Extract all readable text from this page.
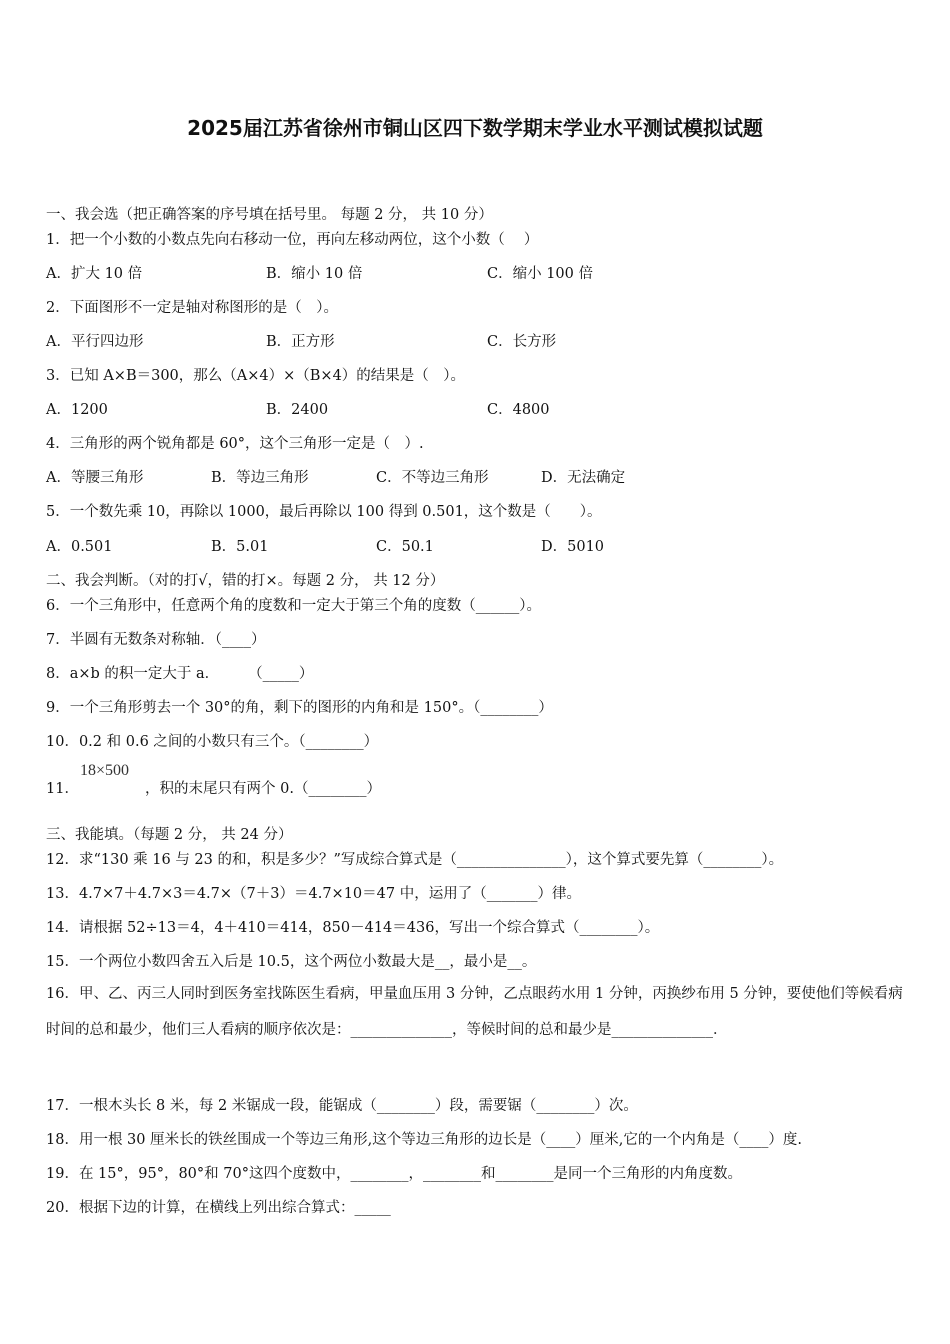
2025届江苏省徐州市铜山区四下数学期末学业水平测试模拟试题
一、我会选（把正确答案的序号填在括号里。 每题 2 分， 共 10 分）
1．把一个小数的小数点先向右移动一位，再向左移动两位，这个小数（　 ）
A．扩大 10 倍	B．缩小 10 倍	C．缩小 100 倍
2．下面图形不一定是轴对称图形的是（　）。
A．平行四边形	B．正方形	C．长方形
3．已知 A×B＝300，那么（A×4）×（B×4）的结果是（　）。
A．1200	B．2400	C．4800
4．三角形的两个锐角都是 60°，这个三角形一定是（　）.
A．等腰三角形	B．等边三角形	C．不等边三角形	D．无法确定
5．一个数先乘 10，再除以 1000，最后再除以 100 得到 0.501，这个数是（　　）。
A．0.501	B．5.01	C．50.1	D．5010
二、我会判断。（对的打√，错的打×。每题 2 分， 共 12 分）
6．一个三角形中，任意两个角的度数和一定大于第三个角的度数（______）。
7．半圆有无数条对称轴．（____）
8．a×b 的积一定大于 a．　　　（_____）
9．一个三角形剪去一个 30°的角，剩下的图形的内角和是 150°。（________）
10．0.2 和 0.6 之间的小数只有三个。（________）
11．
18×500
，积的末尾只有两个 0.（________）
三、我能填。（每题 2 分， 共 24 分）
12．求“130 乘 16 与 23 的和，积是多少？”写成综合算式是（_______________），这个算式要先算（________）。
13．4.7×7＋4.7×3＝4.7×（7＋3）＝4.7×10＝47 中，运用了（_______）律。
14．请根据 52÷13＝4，4＋410＝414，850－414＝436，写出一个综合算式（________）。
15．一个两位小数四舍五入后是 10.5，这个两位小数最大是__，最小是__。
16．甲、乙、丙三人同时到医务室找陈医生看病，甲量血压用 3 分钟，乙点眼药水用 1 分钟，丙换纱布用 5 分钟，要使他们等候看病时间的总和最少，他们三人看病的顺序依次是：______________，等候时间的总和最少是______________．
17．一根木头长 8 米，每 2 米锯成一段，能锯成（________）段，需要锯（________）次。
18．用一根 30 厘米长的铁丝围成一个等边三角形,这个等边三角形的边长是（____）厘米,它的一个内角是（____）度.
19．在 15°，95°，80°和 70°这四个度数中，________，________和________是同一个三角形的内角度数。
20．根据下边的计算，在横线上列出综合算式：_____
